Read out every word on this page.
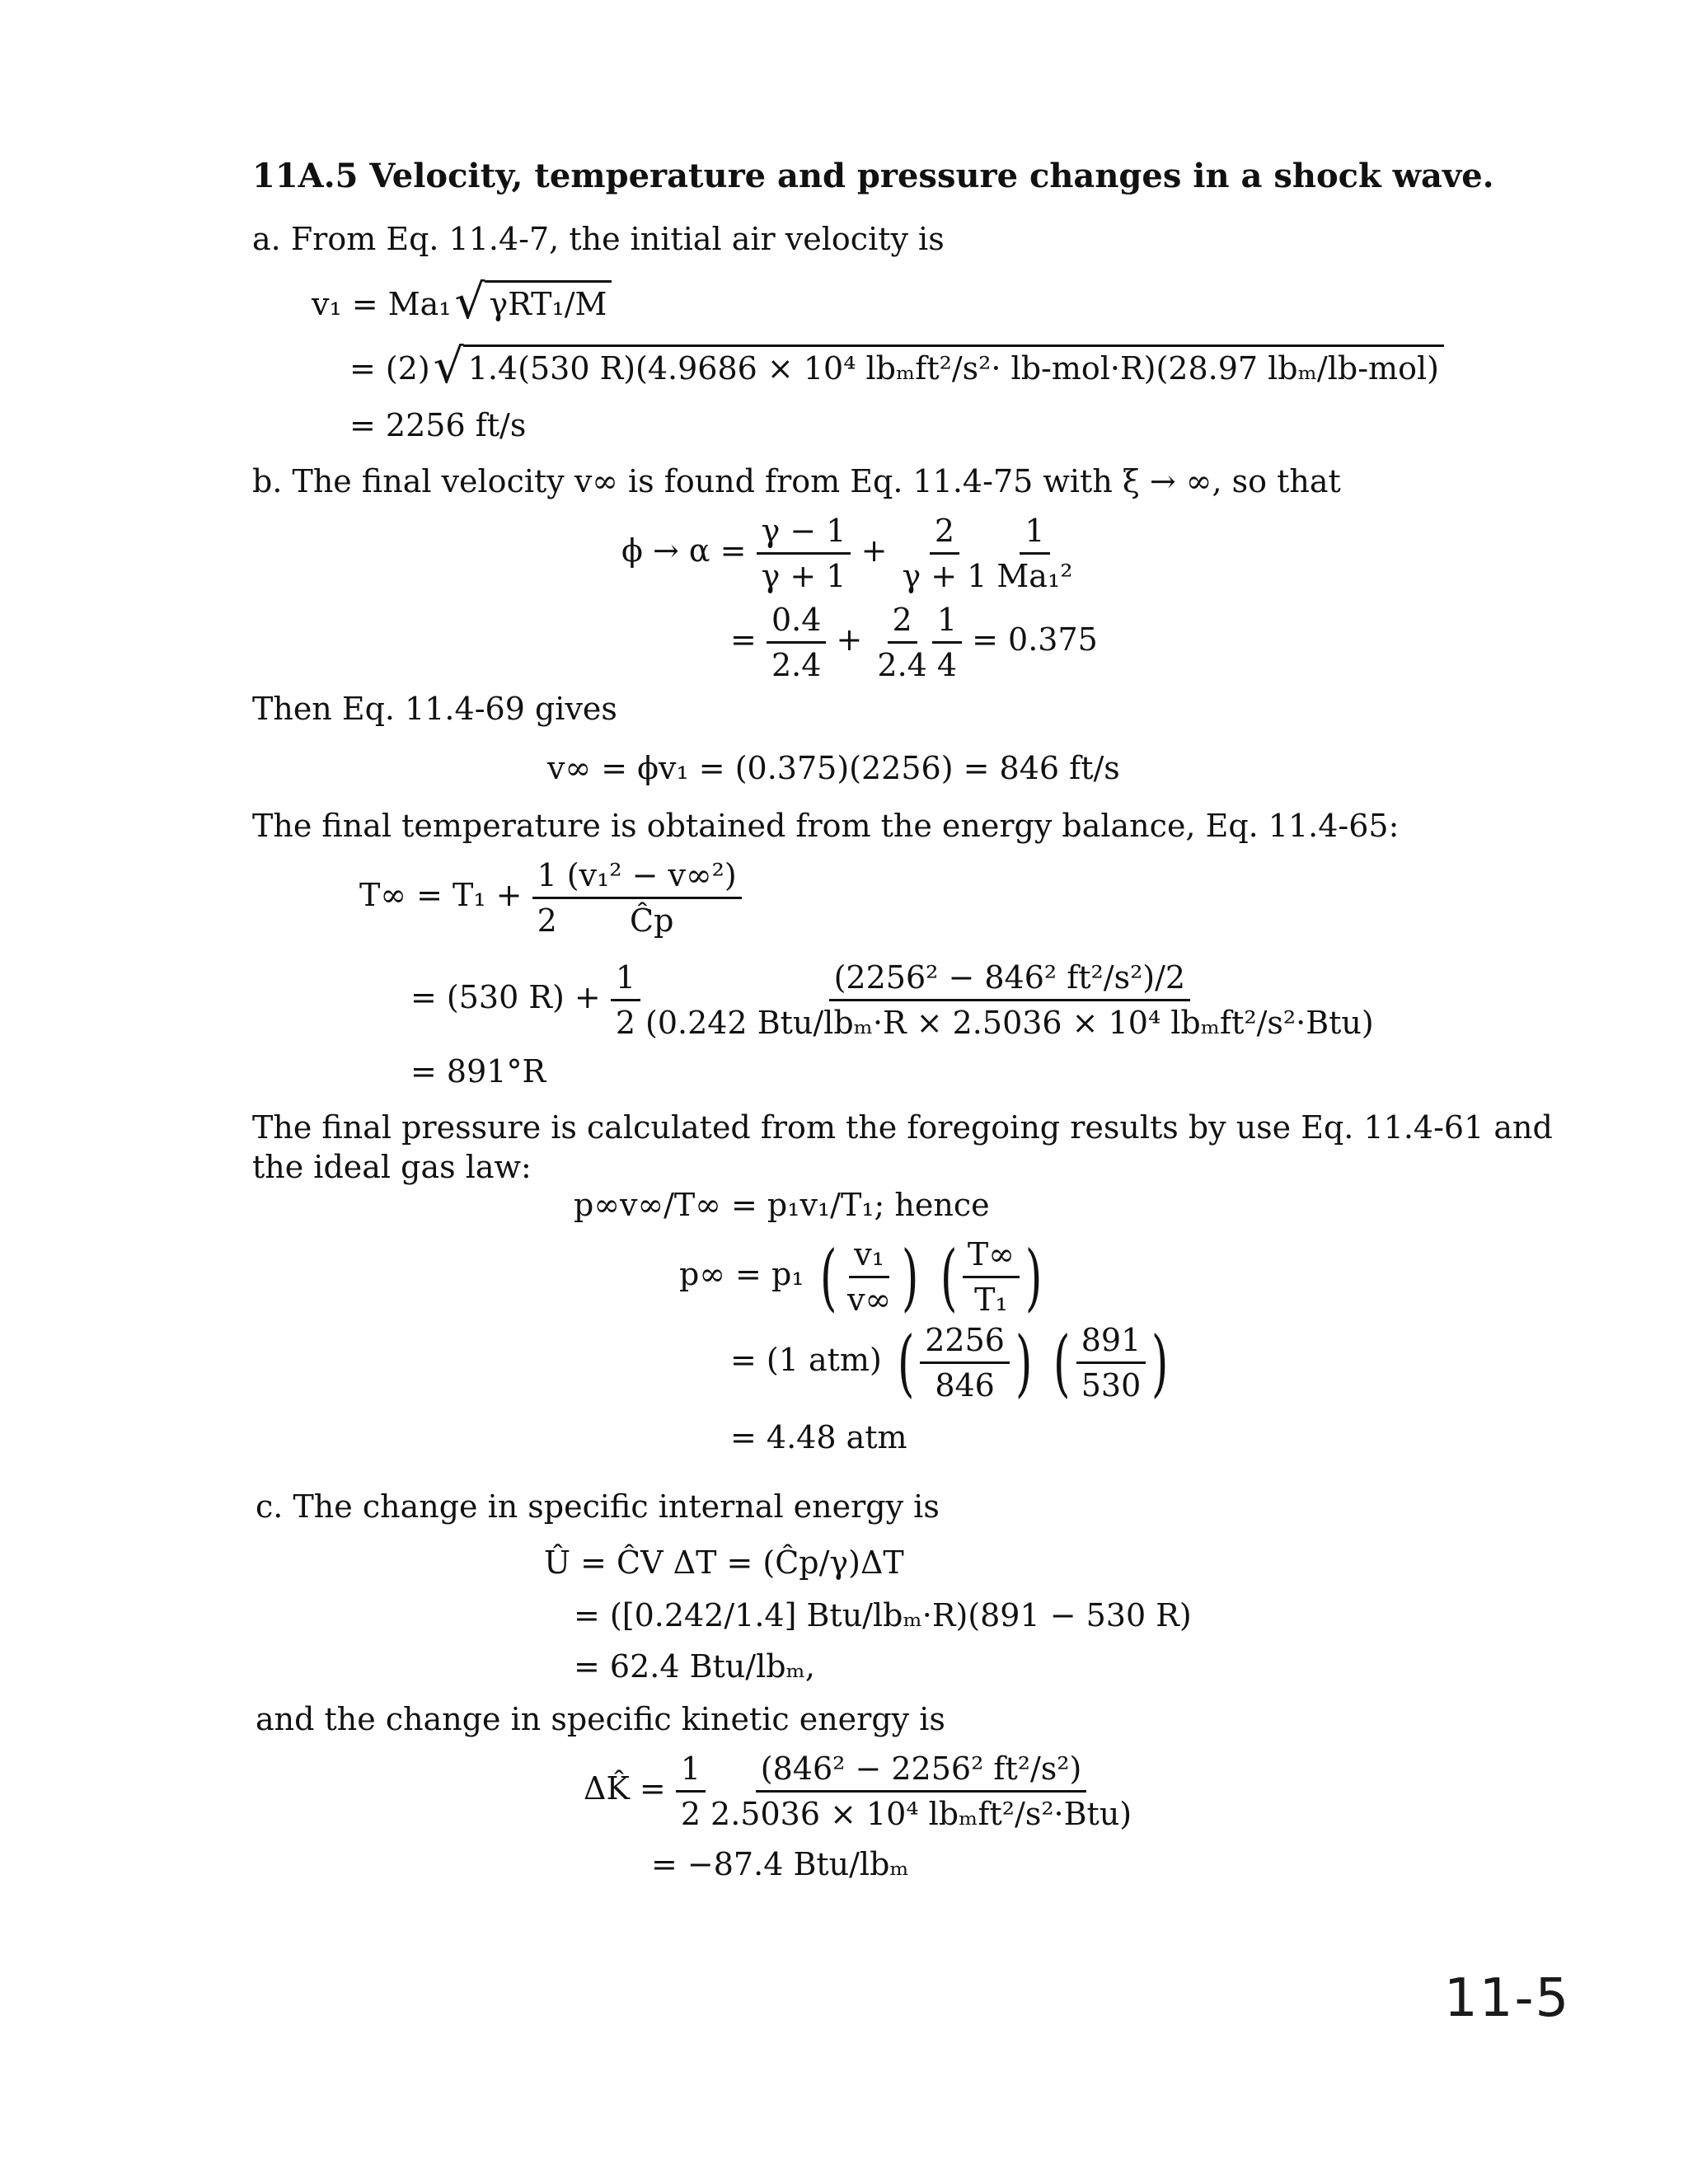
11A.5 Velocity, temperature and pressure changes in a shock wave.
a. From Eq. 11.4-7, the initial air velocity is
v₁ = Ma₁ √ γRT₁/M
= (2) √ 1.4(530 R)(4.9686 × 10⁴ lbₘft²/s²· lb-mol·R)(28.97 lbₘ/lb-mol)
= 2256 ft/s
b. The final velocity v∞ is found from Eq. 11.4-75 with ξ → ∞, so that
$\phi \to \alpha = \frac{\gamma - 1}{\gamma + 1} + \frac{2}{\gamma + 1} \frac{1}{\text{Ma₁²}}$
= $\frac{0.4}{2.4} + \frac{2}{2.4} \frac{1}{4} = 0.375$
Then Eq. 11.4-69 gives
v∞ = ϕv₁ = (0.375)(2256) = 846 ft/s
The final temperature is obtained from the energy balance, Eq. 11.4-65:
$T\infty = T_1 + \frac{1}{2} \frac{\text{(v₁² − v∞²)}}{Ĉp}$
= (530 $R) + \frac{1}{2} \frac{\text{(2256² − 846² ft²/s²)/2}}{\text{(0.242 Btu/lbₘ·R × 2.5036 × 10⁴ lbₘft²/s²·Btu)}}$
= 891°R
The final pressure is calculated from the foregoing results by use Eq. 11.4-61 and
the ideal gas law:
p∞v∞/T∞ = p₁v₁/T₁; hence
p∞ = p₁ ( $\frac{\text{v₁}}{v\infty}$ ) ( $\frac{T\infty}{\text{T₁}}$ )
= (1 atm) ( $\frac{2256}{846}$ ) ( $\frac{891}{530}$ )
= 4.48 atm
c. The change in specific internal energy is
Û = ĈV ΔT = (Ĉp/γ)ΔT
= ([0.242/1.4] Btu/lbₘ·R)(891 − 530 R)
= 62.4 Btu/lbₘ,
and the change in specific kinetic energy is
ΔK̂ = $\frac{1}{2} \frac{\text{(846² − 2256² ft²/s²)}}{\text{2.5036 × 10⁴ lbₘft²/s²·Btu)}}$
= −87.4 Btu/lbₘ
11-5
